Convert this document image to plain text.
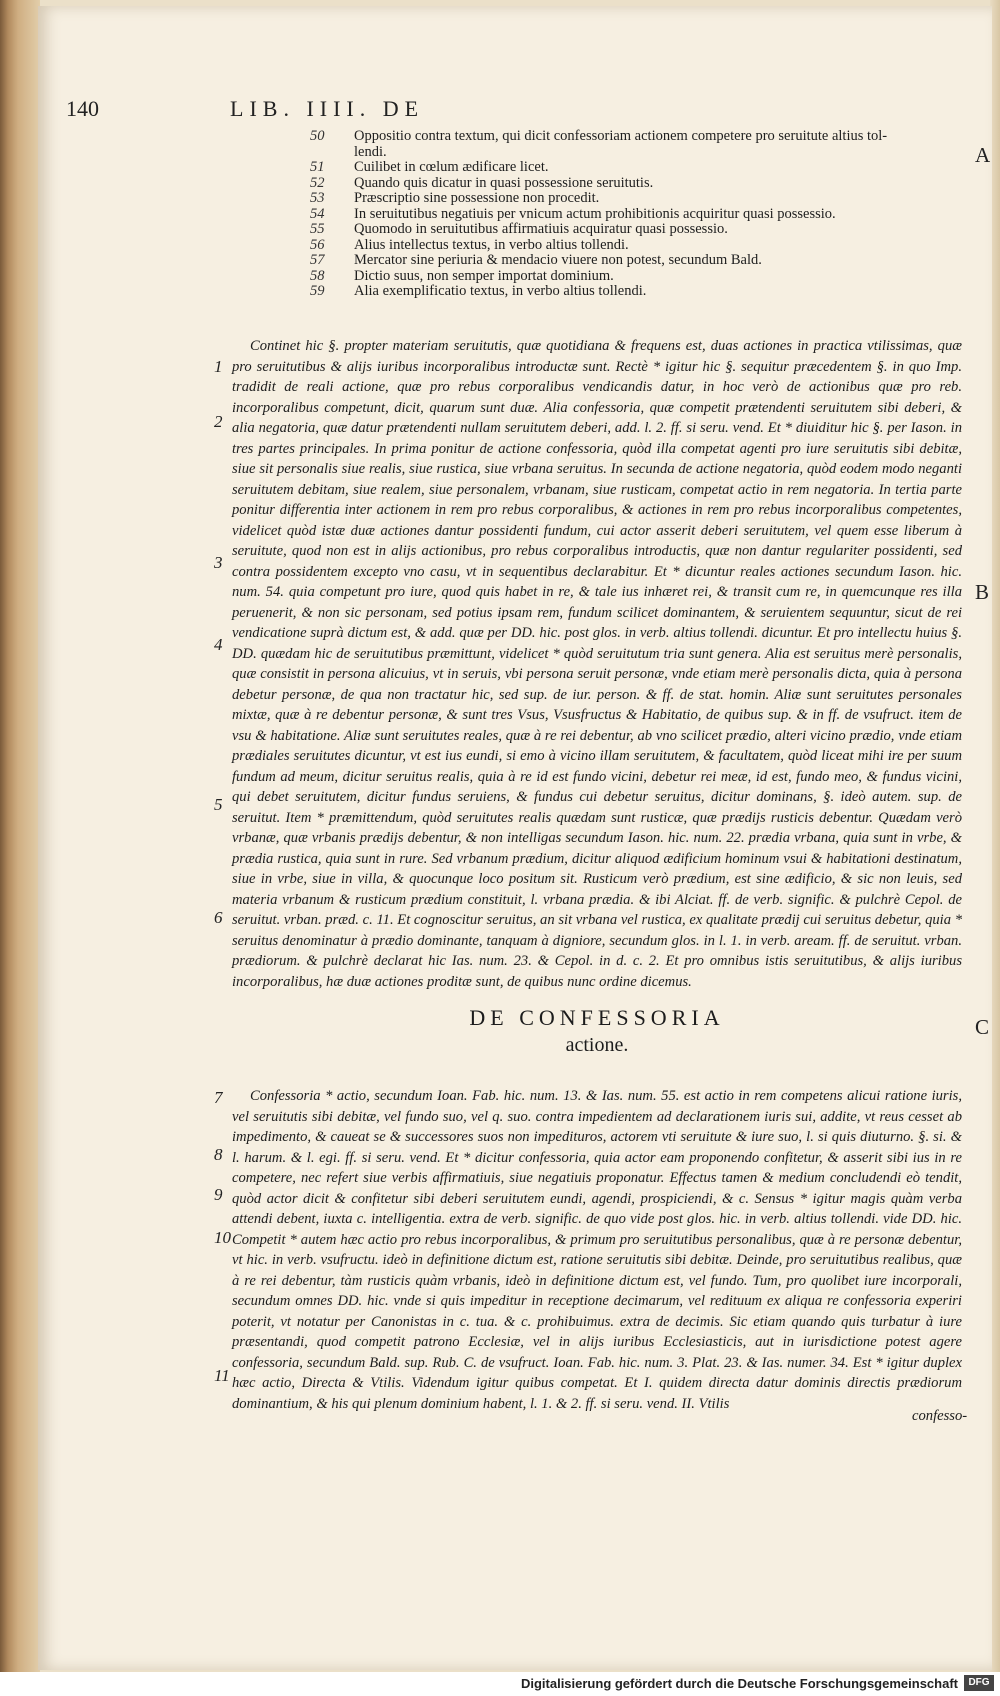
140	LIB. IIII. DE
50	Oppositio contra textum, qui dicit confessoriam actionem competere pro seruitute altius tol-
lendi.
51	Cuilibet in cœlum ædificare licet.
52	Quando quis dicatur in quasi possessione seruitutis.
53	Præscriptio sine possessione non procedit.
54	In seruitutibus negatiuis per vnicum actum prohibitionis acquiritur quasi possessio.
55	Quomodo in seruitutibus affirmatiuis acquiratur quasi possessio.
56	Alius intellectus textus, in verbo altius tollendi.
57	Mercator sine periuria & mendacio viuere non potest, secundum Bald.
58	Dictio suus, non semper importat dominium.
59	Alia exemplificatio textus, in verbo altius tollendi.
A
B
C
1
2
3
4
5
6
7
8
9
10
11

Continet hic §. propter materiam seruitutis, quæ quotidiana & frequens est, duas actiones in practica vtilissimas, quæ pro seruitutibus & alijs iuribus incorporalibus introductæ sunt. Rectè * igitur hic §. sequitur præcedentem §. in quo Imp. tradidit de reali actione, quæ pro rebus corporalibus vendicandis datur, in hoc verò de actionibus quæ pro reb. incorporalibus competunt, dicit, quarum sunt duæ. Alia confessoria, quæ competit prætendenti seruitutem sibi deberi, & alia negatoria, quæ datur prætendenti nullam seruitutem deberi, add. l. 2. ff. si seru. vend. Et * diuiditur hic §. per Iason. in tres partes principales. In prima ponitur de actione confessoria, quòd illa competat agenti pro iure seruitutis sibi debitæ, siue sit personalis siue realis, siue rustica, siue vrbana seruitus. In secunda de actione negatoria, quòd eodem modo neganti seruitutem debitam, siue realem, siue personalem, vrbanam, siue rusticam, competat actio in rem negatoria. In tertia parte ponitur differentia inter actionem in rem pro rebus corporalibus, & actiones in rem pro rebus incorporalibus competentes, videlicet quòd istæ duæ actiones dantur possidenti fundum, cui actor asserit deberi seruitutem, vel quem esse liberum à seruitute, quod non est in alijs actionibus, pro rebus corporalibus introductis, quæ non dantur regulariter possidenti, sed contra possidentem excepto vno casu, vt in sequentibus declarabitur. Et * dicuntur reales actiones secundum Iason. hic. num. 54. quia competunt pro iure, quod quis habet in re, & tale ius inhæret rei, & transit cum re, in quemcunque res illa peruenerit, & non sic personam, sed potius ipsam rem, fundum scilicet dominantem, & seruientem sequuntur, sicut de rei vendicatione suprà dictum est, & add. quæ per DD. hic. post glos. in verb. altius tollendi. dicuntur. Et pro intellectu huius §. DD. quædam hic de seruitutibus præmittunt, videlicet * quòd seruitutum tria sunt genera. Alia est seruitus merè personalis, quæ consistit in persona alicuius, vt in seruis, vbi persona seruit personæ, vnde etiam merè personalis dicta, quia à persona debetur personæ, de qua non tractatur hic, sed sup. de iur. person. & ff. de stat. homin. Aliæ sunt seruitutes personales mixtæ, quæ à re debentur personæ, & sunt tres Vsus, Vsusfructus & Habitatio, de quibus sup. & in ff. de vsufruct. item de vsu & habitatione. Aliæ sunt seruitutes reales, quæ à re rei debentur, ab vno scilicet prædio, alteri vicino prædio, vnde etiam prædiales seruitutes dicuntur, vt est ius eundi, si emo à vicino illam seruitutem, & facultatem, quòd liceat mihi ire per suum fundum ad meum, dicitur seruitus realis, quia à re id est fundo vicini, debetur rei meæ, id est, fundo meo, & fundus vicini, qui debet seruitutem, dicitur fundus seruiens, & fundus cui debetur seruitus, dicitur dominans, §. ideò autem. sup. de seruitut. Item * præmittendum, quòd seruitutes realis quædam sunt rusticæ, quæ prædijs rusticis debentur. Quædam verò vrbanæ, quæ vrbanis prædijs debentur, & non intelligas secundum Iason. hic. num. 22. prædia vrbana, quia sunt in vrbe, & prædia rustica, quia sunt in rure. Sed vrbanum prædium, dicitur aliquod ædificium hominum vsui & habitationi destinatum, siue in vrbe, siue in villa, & quocunque loco positum sit. Rusticum verò prædium, est sine ædificio, & sic non leuis, sed materia vrbanum & rusticum prædium constituit, l. vrbana prædia. & ibi Alciat. ff. de verb. signific. & pulchrè Cepol. de seruitut. vrban. præd. c. 11. Et cognoscitur seruitus, an sit vrbana vel rustica, ex qualitate prædij cui seruitus debetur, quia * seruitus denominatur à prædio dominante, tanquam à digniore, secundum glos. in l. 1. in verb. aream. ff. de seruitut. vrban. prædiorum. & pulchrè declarat hic Ias. num. 23. & Cepol. in d. c. 2. Et pro omnibus istis seruitutibus, & alijs iuribus incorporalibus, hæ duæ actiones proditæ sunt, de quibus nunc ordine dicemus.

DE CONFESSORIA
actione.

Confessoria * actio, secundum Ioan. Fab. hic. num. 13. & Ias. num. 55. est actio in rem competens alicui ratione iuris, vel seruitutis sibi debitæ, vel fundo suo, vel q. suo. contra impedientem ad declarationem iuris sui, addite, vt reus cesset ab impedimento, & caueat se & successores suos non impedituros, actorem vti seruitute & iure suo, l. si quis diuturno. §. si. & l. harum. & l. egi. ff. si seru. vend. Et * dicitur confessoria, quia actor eam proponendo confitetur, & asserit sibi ius in re competere, nec refert siue verbis affirmatiuis, siue negatiuis proponatur. Effectus tamen & medium concludendi eò tendit, quòd actor dicit & confitetur sibi deberi seruitutem eundi, agendi, prospiciendi, & c. Sensus * igitur magis quàm verba attendi debent, iuxta c. intelligentia. extra de verb. signific. de quo vide post glos. hic. in verb. altius tollendi. vide DD. hic. Competit * autem hæc actio pro rebus incorporalibus, & primum pro seruitutibus personalibus, quæ à re personæ debentur, vt hic. in verb. vsufructu. ideò in definitione dictum est, ratione seruitutis sibi debitæ. Deinde, pro seruitutibus realibus, quæ à re rei debentur, tàm rusticis quàm vrbanis, ideò in definitione dictum est, vel fundo. Tum, pro quolibet iure incorporali, secundum omnes DD. hic. vnde si quis impeditur in receptione decimarum, vel redituum ex aliqua re confessoria experiri poterit, vt notatur per Canonistas in c. tua. & c. prohibuimus. extra de decimis. Sic etiam quando quis turbatur à iure præsentandi, quod competit patrono Ecclesiæ, vel in alijs iuribus Ecclesiasticis, aut in iurisdictione potest agere confessoria, secundum Bald. sup. Rub. C. de vsufruct. Ioan. Fab. hic. num. 3. Plat. 23. & Ias. numer. 34. Est * igitur duplex hæc actio, Directa & Vtilis. Videndum igitur quibus competat. Et I. quidem directa datur dominis directis prædiorum dominantium, & his qui plenum dominium habent, l. 1. & 2. ff. si seru. vend. II. Vtilis

confesso-
Digitalisierung gefördert durch die Deutsche Forschungsgemeinschaft	DFG
